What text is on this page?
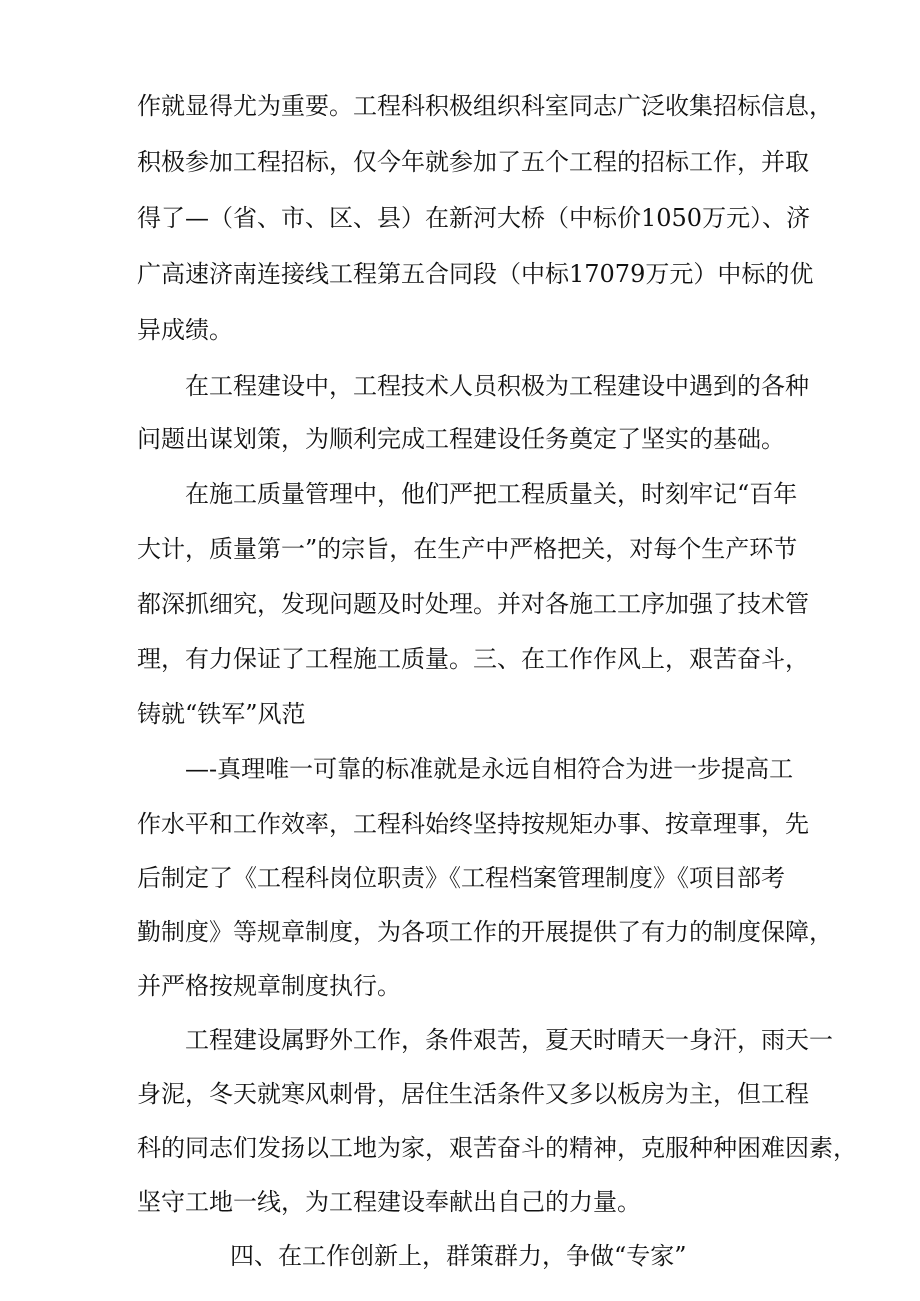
作就显得尤为重要。工程科积极组织科室同志广泛收集招标信息，
积极参加工程招标，仅今年就参加了五个工程的招标工作，并取
得了—（省、市、区、县）在新河大桥（中标价1050万元）、济
广高速济南连接线工程第五合同段（中标17079万元）中标的优
异成绩。
在工程建设中，工程技术人员积极为工程建设中遇到的各种
问题出谋划策，为顺利完成工程建设任务奠定了坚实的基础。
在施工质量管理中，他们严把工程质量关，时刻牢记“百年
大计，质量第一”的宗旨，在生产中严格把关，对每个生产环节
都深抓细究，发现问题及时处理。并对各施工工序加强了技术管
理，有力保证了工程施工质量。三、在工作作风上，艰苦奋斗，
铸就“铁军”风范
—-真理唯一可靠的标准就是永远自相符合为进一步提高工
作水平和工作效率，工程科始终坚持按规矩办事、按章理事，先
后制定了《工程科岗位职责》《工程档案管理制度》《项目部考
勤制度》等规章制度，为各项工作的开展提供了有力的制度保障，
并严格按规章制度执行。
工程建设属野外工作，条件艰苦，夏天时晴天一身汗，雨天一
身泥，冬天就寒风刺骨，居住生活条件又多以板房为主，但工程
科的同志们发扬以工地为家，艰苦奋斗的精神，克服种种困难因素，
坚守工地一线，为工程建设奉献出自己的力量。
四、在工作创新上，群策群力，争做“专家”
